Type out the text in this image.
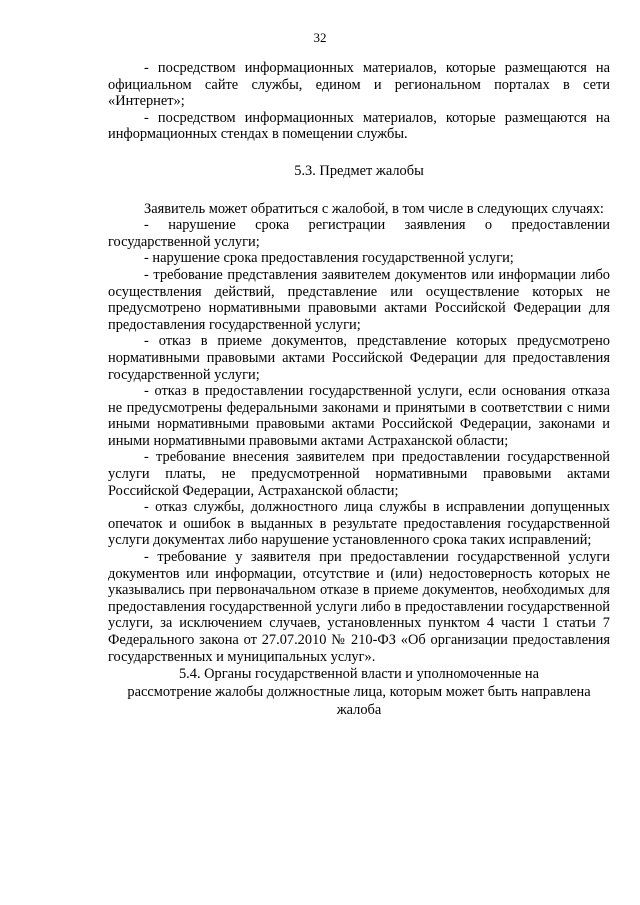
32

- посредством информационных материалов, которые размещаются на официальном сайте службы, едином и региональном порталах в сети «Интернет»;

- посредством информационных материалов, которые размещаются на информационных стендах в помещении службы.

5.3. Предмет жалобы

Заявитель может обратиться с жалобой, в том числе в следующих случаях:

- нарушение срока регистрации заявления о предоставлении государственной услуги;

- нарушение срока предоставления государственной услуги;

- требование представления заявителем документов или информации либо осуществления действий, представление или осуществление которых не предусмотрено нормативными правовыми актами Российской Федерации для предоставления государственной услуги;

- отказ в приеме документов, представление которых предусмотрено нормативными правовыми актами Российской Федерации для предоставления государственной услуги;

- отказ в предоставлении государственной услуги, если основания отказа не предусмотрены федеральными законами и принятыми в соответствии с ними иными нормативными правовыми актами Российской Федерации, законами и иными нормативными правовыми актами Астраханской области;

- требование внесения заявителем при предоставлении государственной услуги платы, не предусмотренной нормативными правовыми актами Российской Федерации, Астраханской области;

- отказ службы, должностного лица службы в исправлении допущенных опечаток и ошибок в выданных в результате предоставления государственной услуги документах либо нарушение установленного срока таких исправлений;

- требование у заявителя при предоставлении государственной услуги документов или информации, отсутствие и (или) недостоверность которых не указывались при первоначальном отказе в приеме документов, необходимых для предоставления государственной услуги либо в предоставлении государственной услуги, за исключением случаев, установленных пунктом 4 части 1 статьи 7 Федерального закона от 27.07.2010 № 210-ФЗ «Об организации предоставления государственных и муниципальных услуг».

5.4. Органы государственной власти и уполномоченные на
рассмотрение жалобы должностные лица, которым может быть направлена
жалоба
